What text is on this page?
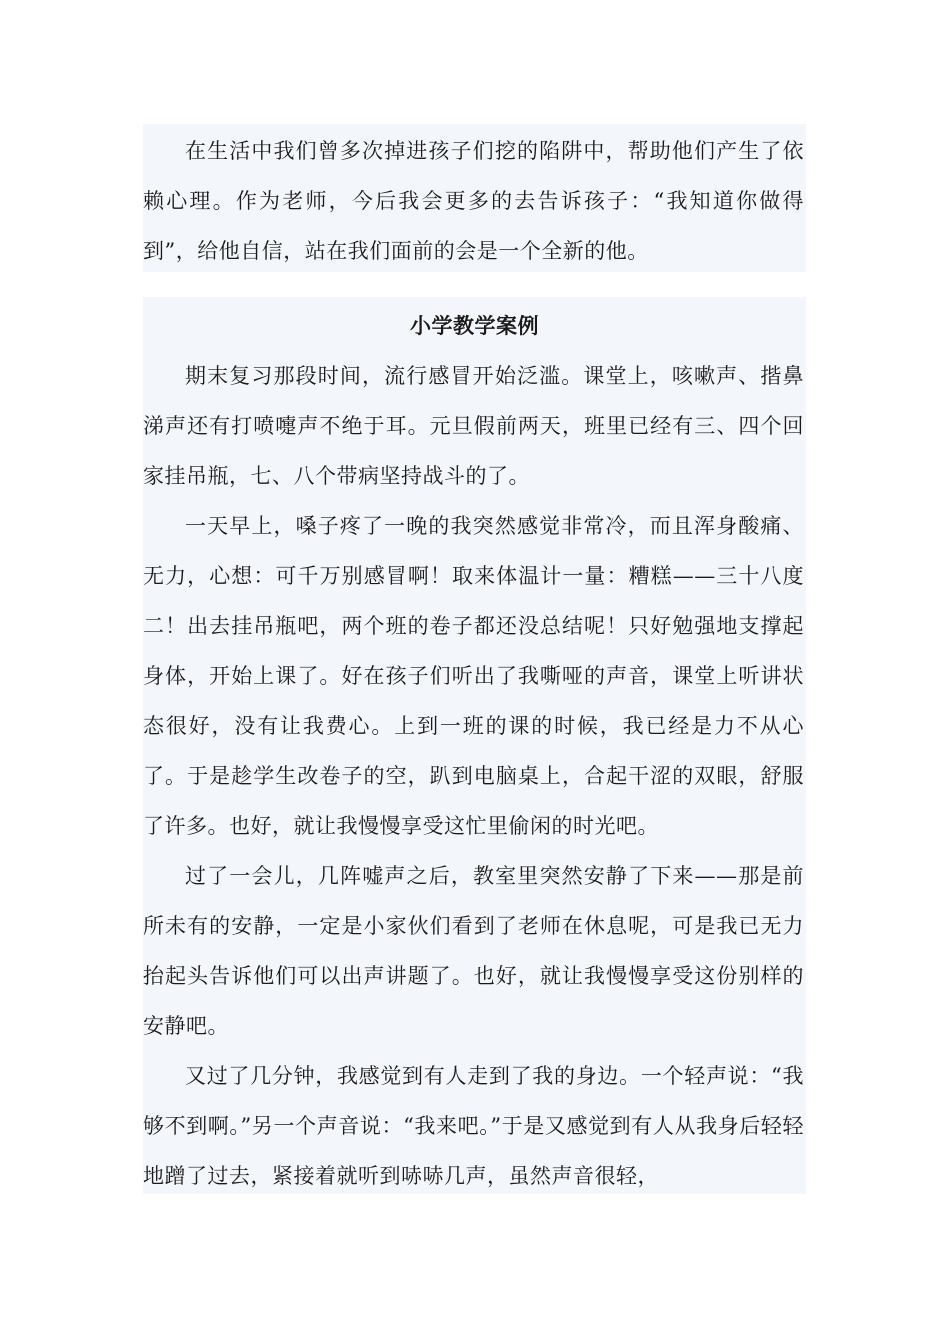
在生活中我们曾多次掉进孩子们挖的陷阱中，帮助他们产生了依赖心理。作为老师，今后我会更多的去告诉孩子：“我知道你做得到”，给他自信，站在我们面前的会是一个全新的他。

小学教学案例

期末复习那段时间，流行感冒开始泛滥。课堂上，咳嗽声、揩鼻涕声还有打喷嚏声不绝于耳。元旦假前两天，班里已经有三、四个回家挂吊瓶，七、八个带病坚持战斗的了。

一天早上，嗓子疼了一晚的我突然感觉非常冷，而且浑身酸痛、无力，心想：可千万别感冒啊！取来体温计一量：糟糕——三十八度二！出去挂吊瓶吧，两个班的卷子都还没总结呢！只好勉强地支撑起身体，开始上课了。好在孩子们听出了我嘶哑的声音，课堂上听讲状态很好，没有让我费心。上到一班的课的时候，我已经是力不从心了。于是趁学生改卷子的空，趴到电脑桌上，合起干涩的双眼，舒服了许多。也好，就让我慢慢享受这忙里偷闲的时光吧。

过了一会儿，几阵嘘声之后，教室里突然安静了下来——那是前所未有的安静，一定是小家伙们看到了老师在休息呢，可是我已无力抬起头告诉他们可以出声讲题了。也好，就让我慢慢享受这份别样的安静吧。

又过了几分钟，我感觉到有人走到了我的身边。一个轻声说：“我够不到啊。”另一个声音说：“我来吧。”于是又感觉到有人从我身后轻轻地蹭了过去，紧接着就听到哧哧几声，虽然声音很轻，
